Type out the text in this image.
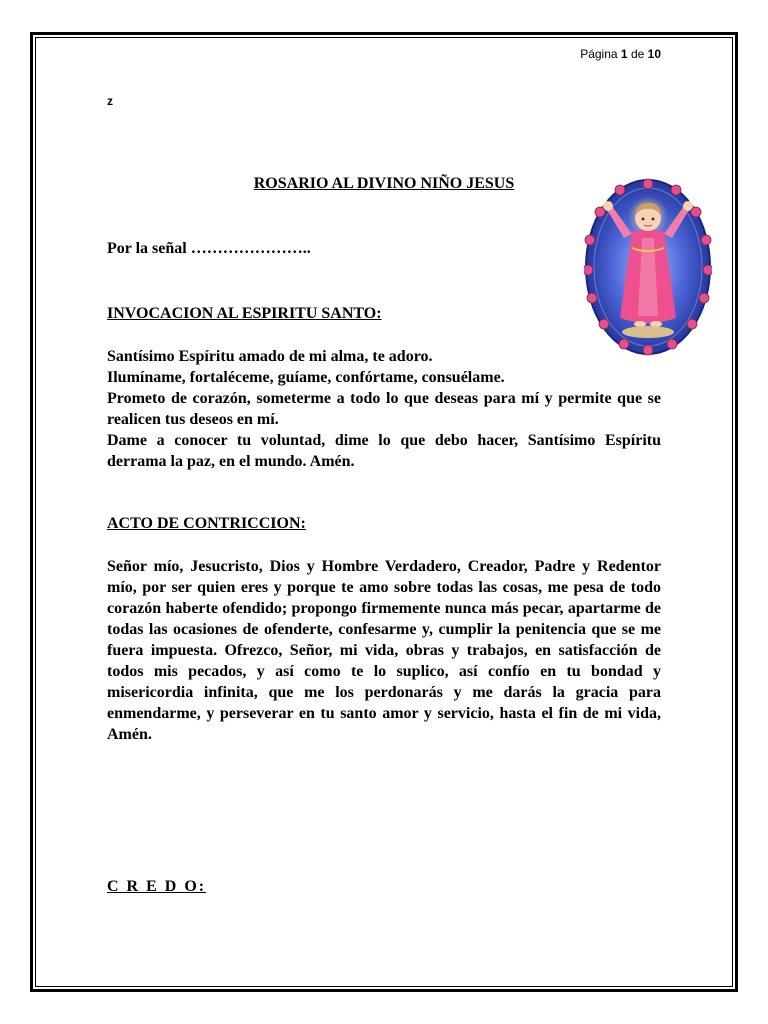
Página 1 de 10
z
ROSARIO AL DIVINO NIÑO JESUS
Por la señal …………………..
INVOCACION AL ESPIRITU SANTO:

Santísimo Espíritu amado de mi alma, te adoro.

Ilumíname, fortaléceme, guíame, confórtame, consuélame.

Prometo de corazón, someterme a todo lo que deseas para mí y permite que se realicen tus deseos en mí.

Dame a conocer tu voluntad, dime lo que debo hacer, Santísimo Espíritu derrama la paz, en el mundo. Amén.

ACTO DE CONTRICCION:

Señor mío, Jesucristo, Dios y Hombre Verdadero, Creador, Padre y Redentor mío, por ser quien eres y porque te amo sobre todas las cosas, me pesa de todo corazón haberte ofendido; propongo firmemente nunca más pecar, apartarme de todas las ocasiones de ofenderte, confesarme y, cumplir la penitencia que se me fuera impuesta. Ofrezco, Señor, mi vida, obras y trabajos, en satisfacción de todos mis pecados, y así como te lo suplico, así confío en tu bondad y misericordia infinita, que me los perdonarás y me darás la gracia para enmendarme, y perseverar en tu santo amor y servicio, hasta el fin de mi vida, Amén.

C R E D O:
